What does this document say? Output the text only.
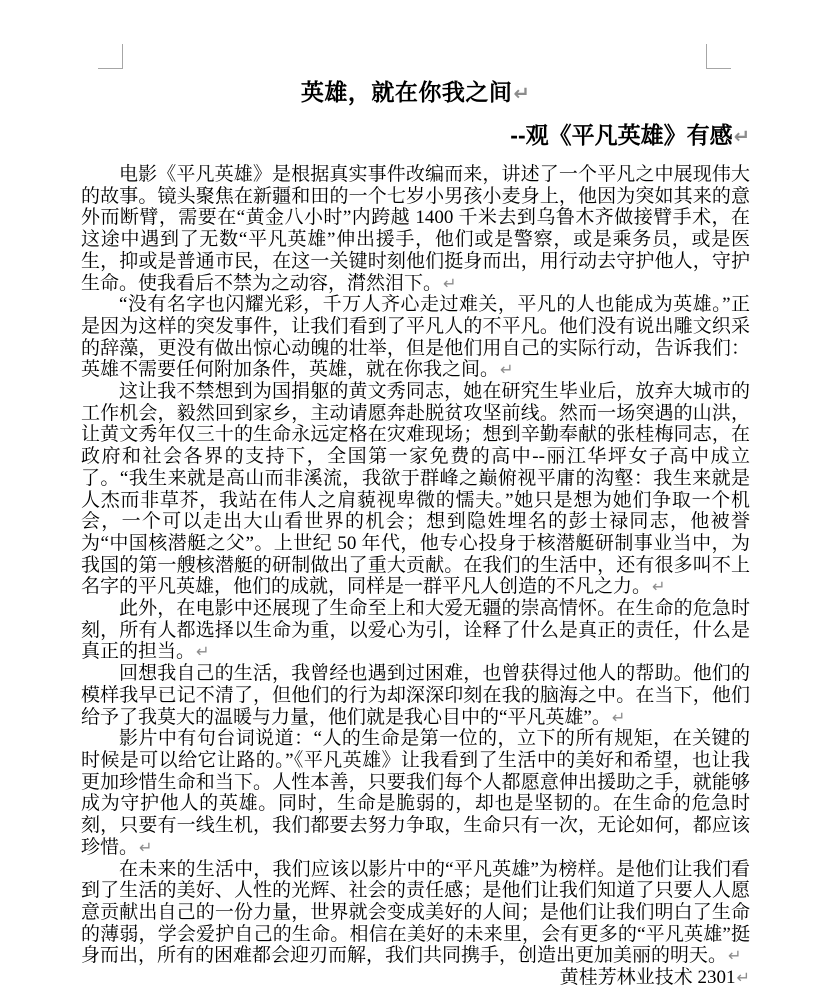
英雄，就在你我之间↵
--观《平凡英雄》有感↵

电影《平凡英雄》是根据真实事件改编而来，讲述了一个平凡之中展现伟大的故事。镜头聚焦在新疆和田的一个七岁小男孩小麦身上，他因为突如其来的意外而断臂，需要在“黄金八小时”内跨越 1400 千米去到乌鲁木齐做接臂手术，在这途中遇到了无数“平凡英雄”伸出援手，他们或是警察，或是乘务员，或是医生，抑或是普通市民，在这一关键时刻他们挺身而出，用行动去守护他人，守护生命。使我看后不禁为之动容，潸然泪下。↵

“没有名字也闪耀光彩，千万人齐心走过难关，平凡的人也能成为英雄。”正是因为这样的突发事件，让我们看到了平凡人的不平凡。他们没有说出雕文织采的辞藻，更没有做出惊心动魄的壮举，但是他们用自己的实际行动，告诉我们：英雄不需要任何附加条件，英雄，就在你我之间。↵

这让我不禁想到为国捐躯的黄文秀同志，她在研究生毕业后，放弃大城市的工作机会，毅然回到家乡，主动请愿奔赴脱贫攻坚前线。然而一场突遇的山洪，让黄文秀年仅三十的生命永远定格在灾难现场；想到辛勤奉献的张桂梅同志，在政府和社会各界的支持下，全国第一家免费的高中--丽江华坪女子高中成立了。“我生来就是高山而非溪流，我欲于群峰之巅俯视平庸的沟壑：我生来就是人杰而非草芥，我站在伟人之肩藐视卑微的懦夫。”她只是想为她们争取一个机会，一个可以走出大山看世界的机会；想到隐姓埋名的彭士禄同志，他被誉为“中国核潜艇之父”。上世纪 50 年代，他专心投身于核潜艇研制事业当中，为我国的第一艘核潜艇的研制做出了重大贡献。在我们的生活中，还有很多叫不上名字的平凡英雄，他们的成就，同样是一群平凡人创造的不凡之力。↵

此外，在电影中还展现了生命至上和大爱无疆的崇高情怀。在生命的危急时刻，所有人都选择以生命为重，以爱心为引，诠释了什么是真正的责任，什么是真正的担当。↵

回想我自己的生活，我曾经也遇到过困难，也曾获得过他人的帮助。他们的模样我早已记不清了，但他们的行为却深深印刻在我的脑海之中。在当下，他们给予了我莫大的温暖与力量，他们就是我心目中的“平凡英雄”。↵

影片中有句台词说道：“人的生命是第一位的，立下的所有规矩，在关键的时候是可以给它让路的。”《平凡英雄》让我看到了生活中的美好和希望，也让我更加珍惜生命和当下。人性本善，只要我们每个人都愿意伸出援助之手，就能够成为守护他人的英雄。同时，生命是脆弱的，却也是坚韧的。在生命的危急时刻，只要有一线生机，我们都要去努力争取，生命只有一次，无论如何，都应该珍惜。↵

在未来的生活中，我们应该以影片中的“平凡英雄”为榜样。是他们让我们看到了生活的美好、人性的光辉、社会的责任感；是他们让我们知道了只要人人愿意贡献出自己的一份力量，世界就会变成美好的人间；是他们让我们明白了生命的薄弱，学会爱护自己的生命。相信在美好的未来里，会有更多的“平凡英雄”挺身而出，所有的困难都会迎刃而解，我们共同携手，创造出更加美丽的明天。↵

黄桂芳林业技术 2301↵
